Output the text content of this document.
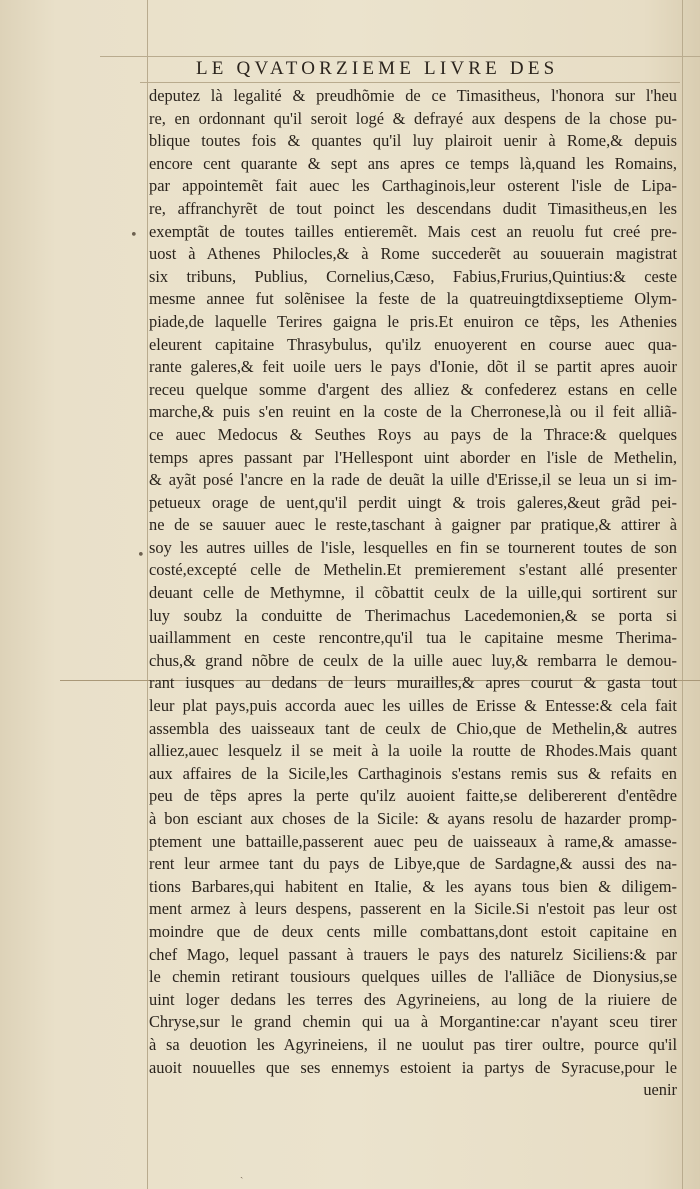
LE QVATORZIEME LIVRE DES
deputez là legalité & preudhõmie de ce Timasitheus, l'honora sur l'heu
re, en ordonnant qu'il seroit logé & defrayé aux despens de la chose pu-
blique toutes fois & quantes qu'il luy plairoit uenir à Rome,& depuis
encore cent quarante & sept ans apres ce temps là,quand les Romains,
par appointemẽt fait auec les Carthaginois,leur osterent l'isle de Lipa-
re, affranchyrẽt de tout poinct les descendans dudit Timasitheus,en les
exemptãt de toutes tailles entieremẽt. Mais cest an reuolu fut creé pre-
uost à Athenes Philocles,& à Rome succederẽt au souuerain magistrat
six tribuns, Publius, Cornelius,Cæso, Fabius,Frurius,Quintius:& ceste
mesme annee fut solẽnisee la feste de la quatreuingtdixseptieme Olym-
piade,de laquelle Terires gaigna le pris.Et enuiron ce tẽps, les Athenies
eleurent capitaine Thrasybulus, qu'ilz enuoyerent en course auec qua-
rante galeres,& feit uoile uers le pays d'Ionie, dõt il se partit apres auoir
receu quelque somme d'argent des alliez & confederez estans en celle
marche,& puis s'en reuint en la coste de la Cherronese,là ou il feit alliã-
ce auec Medocus & Seuthes Roys au pays de la Thrace:& quelques
temps apres passant par l'Hellespont uint aborder en l'isle de Methelin,
& ayãt posé l'ancre en la rade de deuãt la uille d'Erisse,il se leua un si im-
petueux orage de uent,qu'il perdit uingt & trois galeres,&eut grãd pei-
ne de se sauuer auec le reste,taschant à gaigner par pratique,& attirer à
soy les autres uilles de l'isle, lesquelles en fin se tournerent toutes de son
costé,excepté celle de Methelin.Et premierement s'estant allé presenter
deuant celle de Methymne, il cõbattit ceulx de la uille,qui sortirent sur
luy soubz la conduitte de Therimachus Lacedemonien,& se porta si
uaillamment en ceste rencontre,qu'il tua le capitaine mesme Therima-
chus,& grand nõbre de ceulx de la uille auec luy,& rembarra le demou-
rant iusques au dedans de leurs murailles,& apres courut & gasta tout
leur plat pays,puis accorda auec les uilles de Erisse & Entesse:& cela fait
assembla des uaisseaux tant de ceulx de Chio,que de Methelin,& autres
alliez,auec lesquelz il se meit à la uoile la routte de Rhodes.Mais quant
aux affaires de la Sicile,les Carthaginois s'estans remis sus & refaits en
peu de tẽps apres la perte qu'ilz auoient faitte,se delibererent d'entẽdre
à bon esciant aux choses de la Sicile: & ayans resolu de hazarder promp-
ptement une battaille,passerent auec peu de uaisseaux à rame,& amasse-
rent leur armee tant du pays de Libye,que de Sardagne,& aussi des na-
tions Barbares,qui habitent en Italie, & les ayans tous bien & diligem-
ment armez à leurs despens, passerent en la Sicile.Si n'estoit pas leur ost
moindre que de deux cents mille combattans,dont estoit capitaine en
chef Mago, lequel passant à trauers le pays des naturelz Siciliens:& par
le chemin retirant tousiours quelques uilles de l'alliãce de Dionysius,se
uint loger dedans les terres des Agyrineiens, au long de la riuiere de
Chryse,sur le grand chemin qui ua à Morgantine:car n'ayant sceu tirer
à sa deuotion les Agyrineiens, il ne uoulut pas tirer oultre, pource qu'il
auoit nouuelles que ses ennemys estoient ia partys de Syracuse,pour le
uenir
•
•
ˏ
